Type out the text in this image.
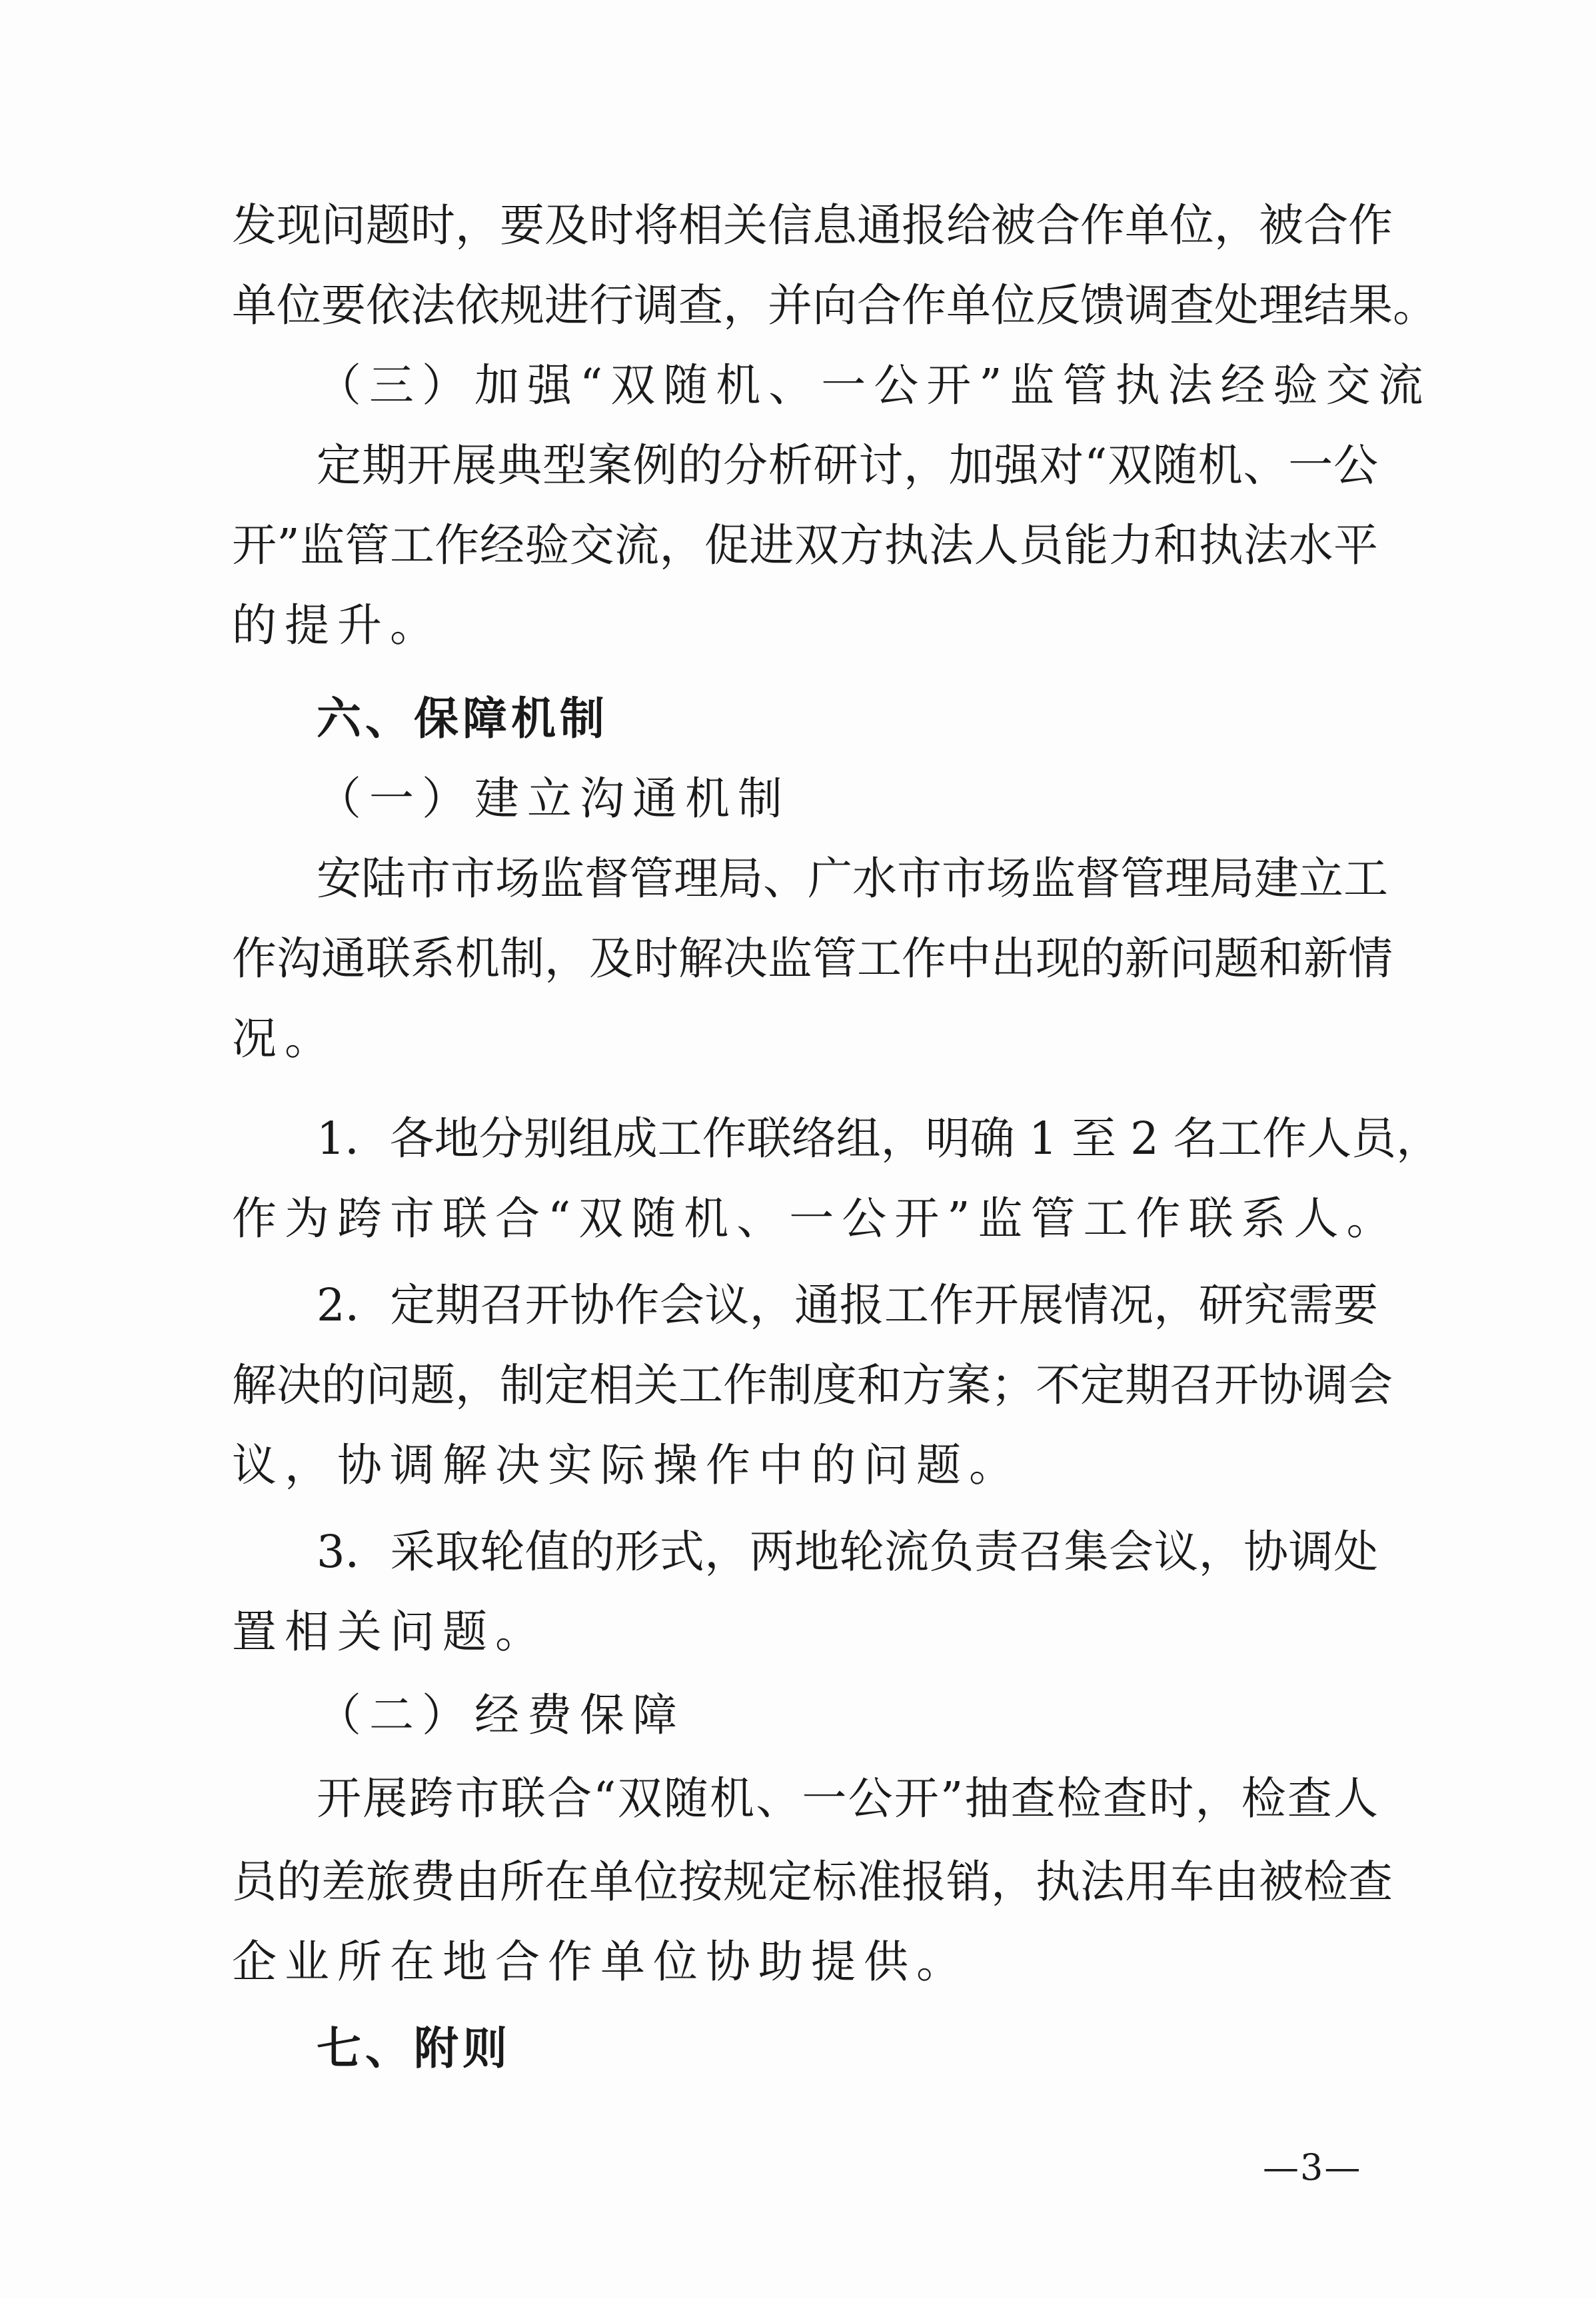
发现问题时，要及时将相关信息通报给被合作单位，被合作
单位要依法依规进行调查，并向合作单位反馈调查处理结果。
（三）加强“双随机、一公开”监管执法经验交流
定期开展典型案例的分析研讨，加强对“双随机、一公
开”监管工作经验交流，促进双方执法人员能力和执法水平
的提升。
六、保障机制
（一）建立沟通机制
安陆市市场监督管理局、广水市市场监督管理局建立工
作沟通联系机制，及时解决监管工作中出现的新问题和新情
况。
1．各地分别组成工作联络组，明确 1 至 2 名工作人员，
作为跨市联合“双随机、一公开”监管工作联系人。
2．定期召开协作会议，通报工作开展情况，研究需要
解决的问题，制定相关工作制度和方案；不定期召开协调会
议，协调解决实际操作中的问题。
3．采取轮值的形式，两地轮流负责召集会议，协调处
置相关问题。
（二）经费保障
开展跨市联合“双随机、一公开”抽查检查时，检查人
员的差旅费由所在单位按规定标准报销，执法用车由被检查
企业所在地合作单位协助提供。
七、附则
—3—
